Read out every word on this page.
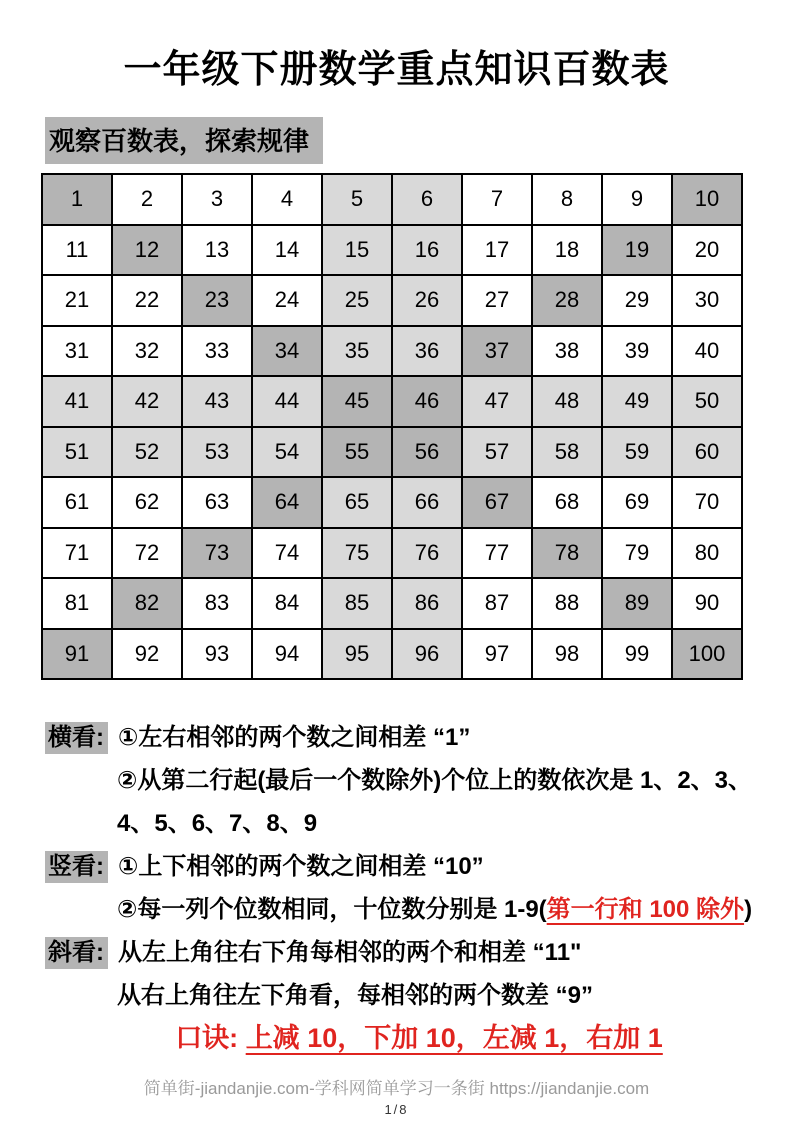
一年级下册数学重点知识百数表
观察百数表，探索规律
1	2	3	4	5	6	7	8	9	10
11	12	13	14	15	16	17	18	19	20
21	22	23	24	25	26	27	28	29	30
31	32	33	34	35	36	37	38	39	40
41	42	43	44	45	46	47	48	49	50
51	52	53	54	55	56	57	58	59	60
61	62	63	64	65	66	67	68	69	70
71	72	73	74	75	76	77	78	79	80
81	82	83	84	85	86	87	88	89	90
91	92	93	94	95	96	97	98	99	100

横看: ①左右相邻的两个数之间相差 “1”

②从第二行起(最后一个数除外)个位上的数依次是 1、2、3、

4、5、6、7、8、9

竖看: ①上下相邻的两个数之间相差 “10”

②每一列个位数相同，十位数分别是 1-9(第一行和 100 除外)

斜看: 从左上角往右下角每相邻的两个和相差 “11"

从右上角往左下角看，每相邻的两个数差 “9”

口诀: 上减 10，下加 10，左减 1，右加 1

简单街-jiandanjie.com-学科网简单学习一条街 https://jiandanjie.com
1/8
